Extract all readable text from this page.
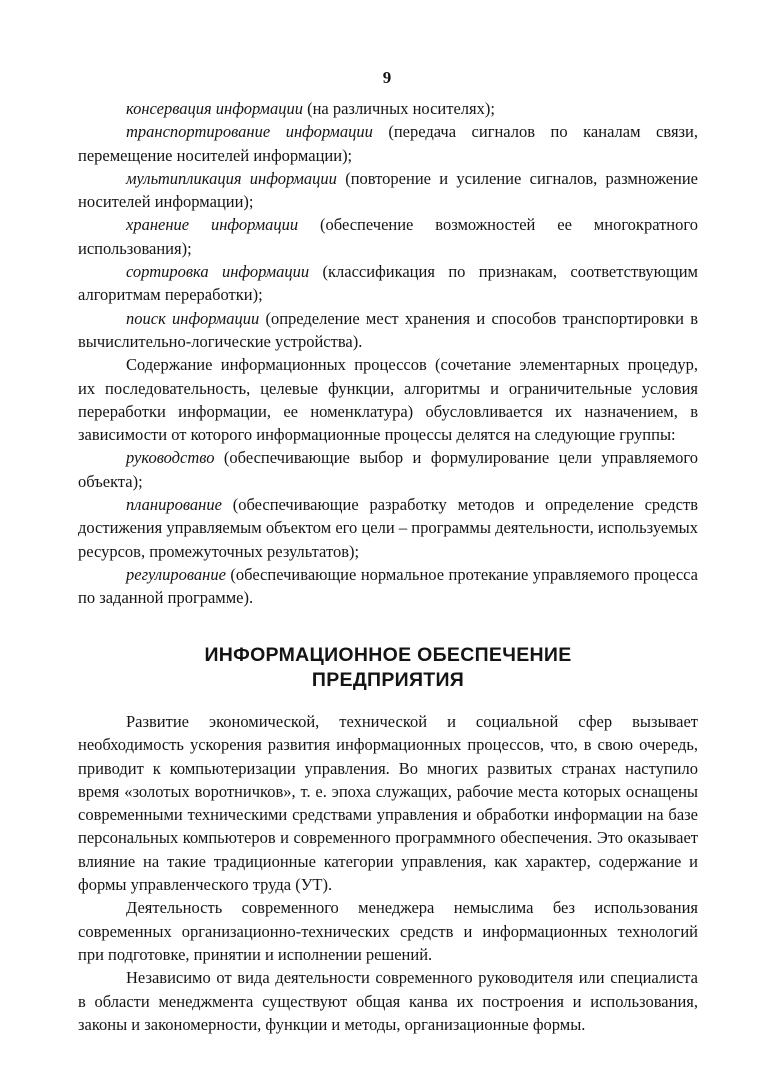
9

консервация информации (на различных носителях);

транспортирование информации (передача сигналов по каналам связи, перемещение носителей информации);

мультипликация информации (повторение и усиление сигналов, размножение носителей информации);

хранение информации (обеспечение возможностей ее многократного использования);

сортировка информации (классификация по признакам, соответствующим алгоритмам переработки);

поиск информации (определение мест хранения и способов транспортировки в вычислительно-логические устройства).

Содержание информационных процессов (сочетание элементарных процедур, их последовательность, целевые функции, алгоритмы и ограничительные условия переработки информации, ее номенклатура) обусловливается их назначением, в зависимости от которого информационные процессы делятся на следующие группы:

руководство (обеспечивающие выбор и формулирование цели управляемого объекта);

планирование (обеспечивающие разработку методов и определение средств достижения управляемым объектом его цели – программы деятельности, используемых ресурсов, промежуточных результатов);

регулирование (обеспечивающие нормальное протекание управляемого процесса по заданной программе).

ИНФОРМАЦИОННОЕ ОБЕСПЕЧЕНИЕ
ПРЕДПРИЯТИЯ

Развитие экономической, технической и социальной сфер вызывает необходимость ускорения развития информационных процессов, что, в свою очередь, приводит к компьютеризации управления. Во многих развитых странах наступило время «золотых воротничков», т. е. эпоха служащих, рабочие места которых оснащены современными техническими средствами управления и обработки информации на базе персональных компьютеров и современного программного обеспечения. Это оказывает влияние на такие традиционные категории управления, как характер, содержание и формы управленческого труда (УТ).

Деятельность современного менеджера немыслима без использования современных организационно-технических средств и информационных технологий при подготовке, принятии и исполнении решений.

Независимо от вида деятельности современного руководителя или специалиста в области менеджмента существуют общая канва их построения и использования, законы и закономерности, функции и методы, организационные формы.
